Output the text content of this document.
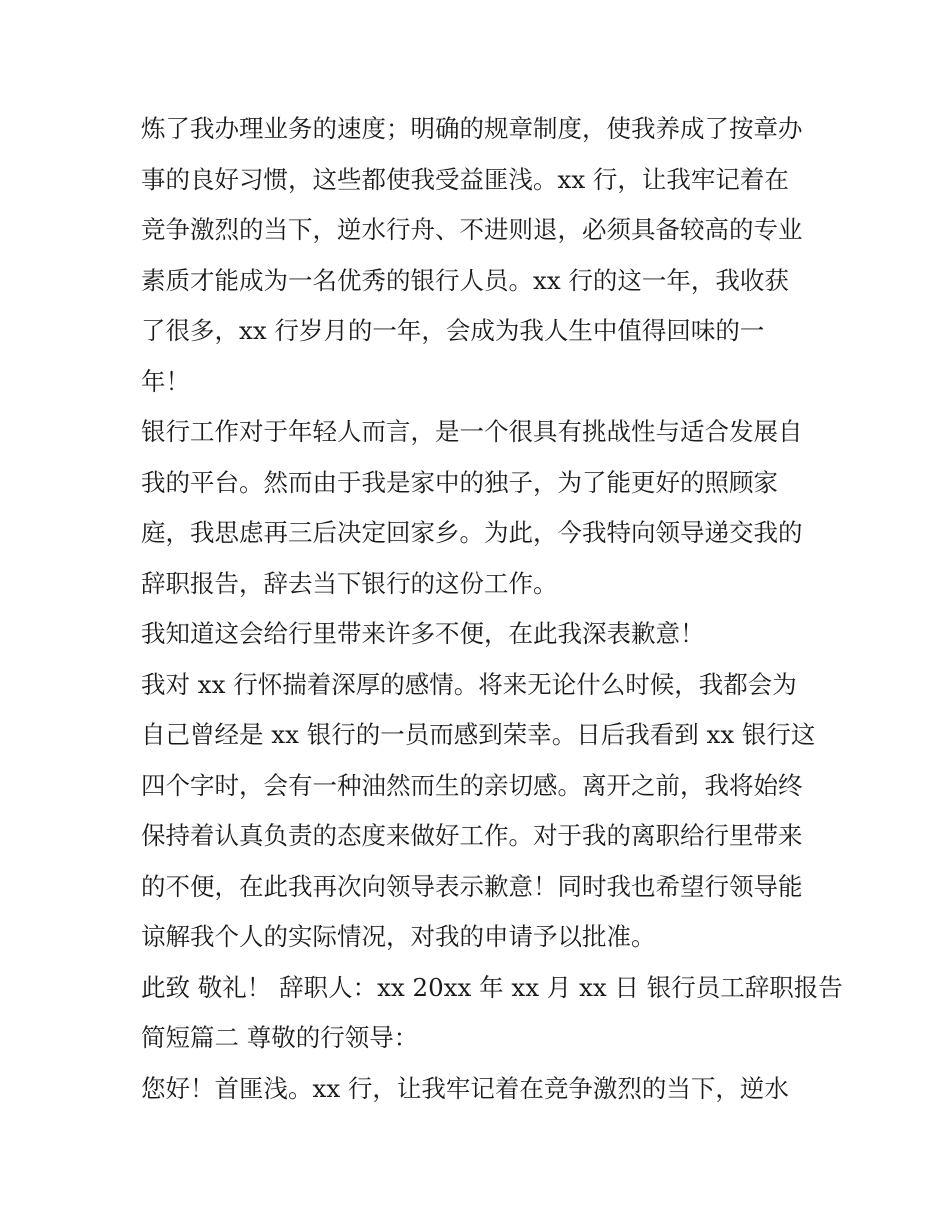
炼了我办理业务的速度；明确的规章制度，使我养成了按章办
事的良好习惯，这些都使我受益匪浅。xx 行，让我牢记着在
竞争激烈的当下，逆水行舟、不进则退，必须具备较高的专业
素质才能成为一名优秀的银行人员。xx 行的这一年，我收获
了很多，xx 行岁月的一年，会成为我人生中值得回味的一
年！
银行工作对于年轻人而言，是一个很具有挑战性与适合发展自
我的平台。然而由于我是家中的独子，为了能更好的照顾家
庭，我思虑再三后决定回家乡。为此，今我特向领导递交我的
辞职报告，辞去当下银行的这份工作。
我知道这会给行里带来许多不便，在此我深表歉意！
我对 xx 行怀揣着深厚的感情。将来无论什么时候，我都会为
自己曾经是 xx 银行的一员而感到荣幸。日后我看到 xx 银行这
四个字时，会有一种油然而生的亲切感。离开之前，我将始终
保持着认真负责的态度来做好工作。对于我的离职给行里带来
的不便，在此我再次向领导表示歉意！同时我也希望行领导能
谅解我个人的实际情况，对我的申请予以批准。
此致 敬礼！ 辞职人：xx 20xx 年 xx 月 xx 日 银行员工辞职报告
简短篇二 尊敬的行领导：
您好！首匪浅。xx 行，让我牢记着在竞争激烈的当下，逆水
